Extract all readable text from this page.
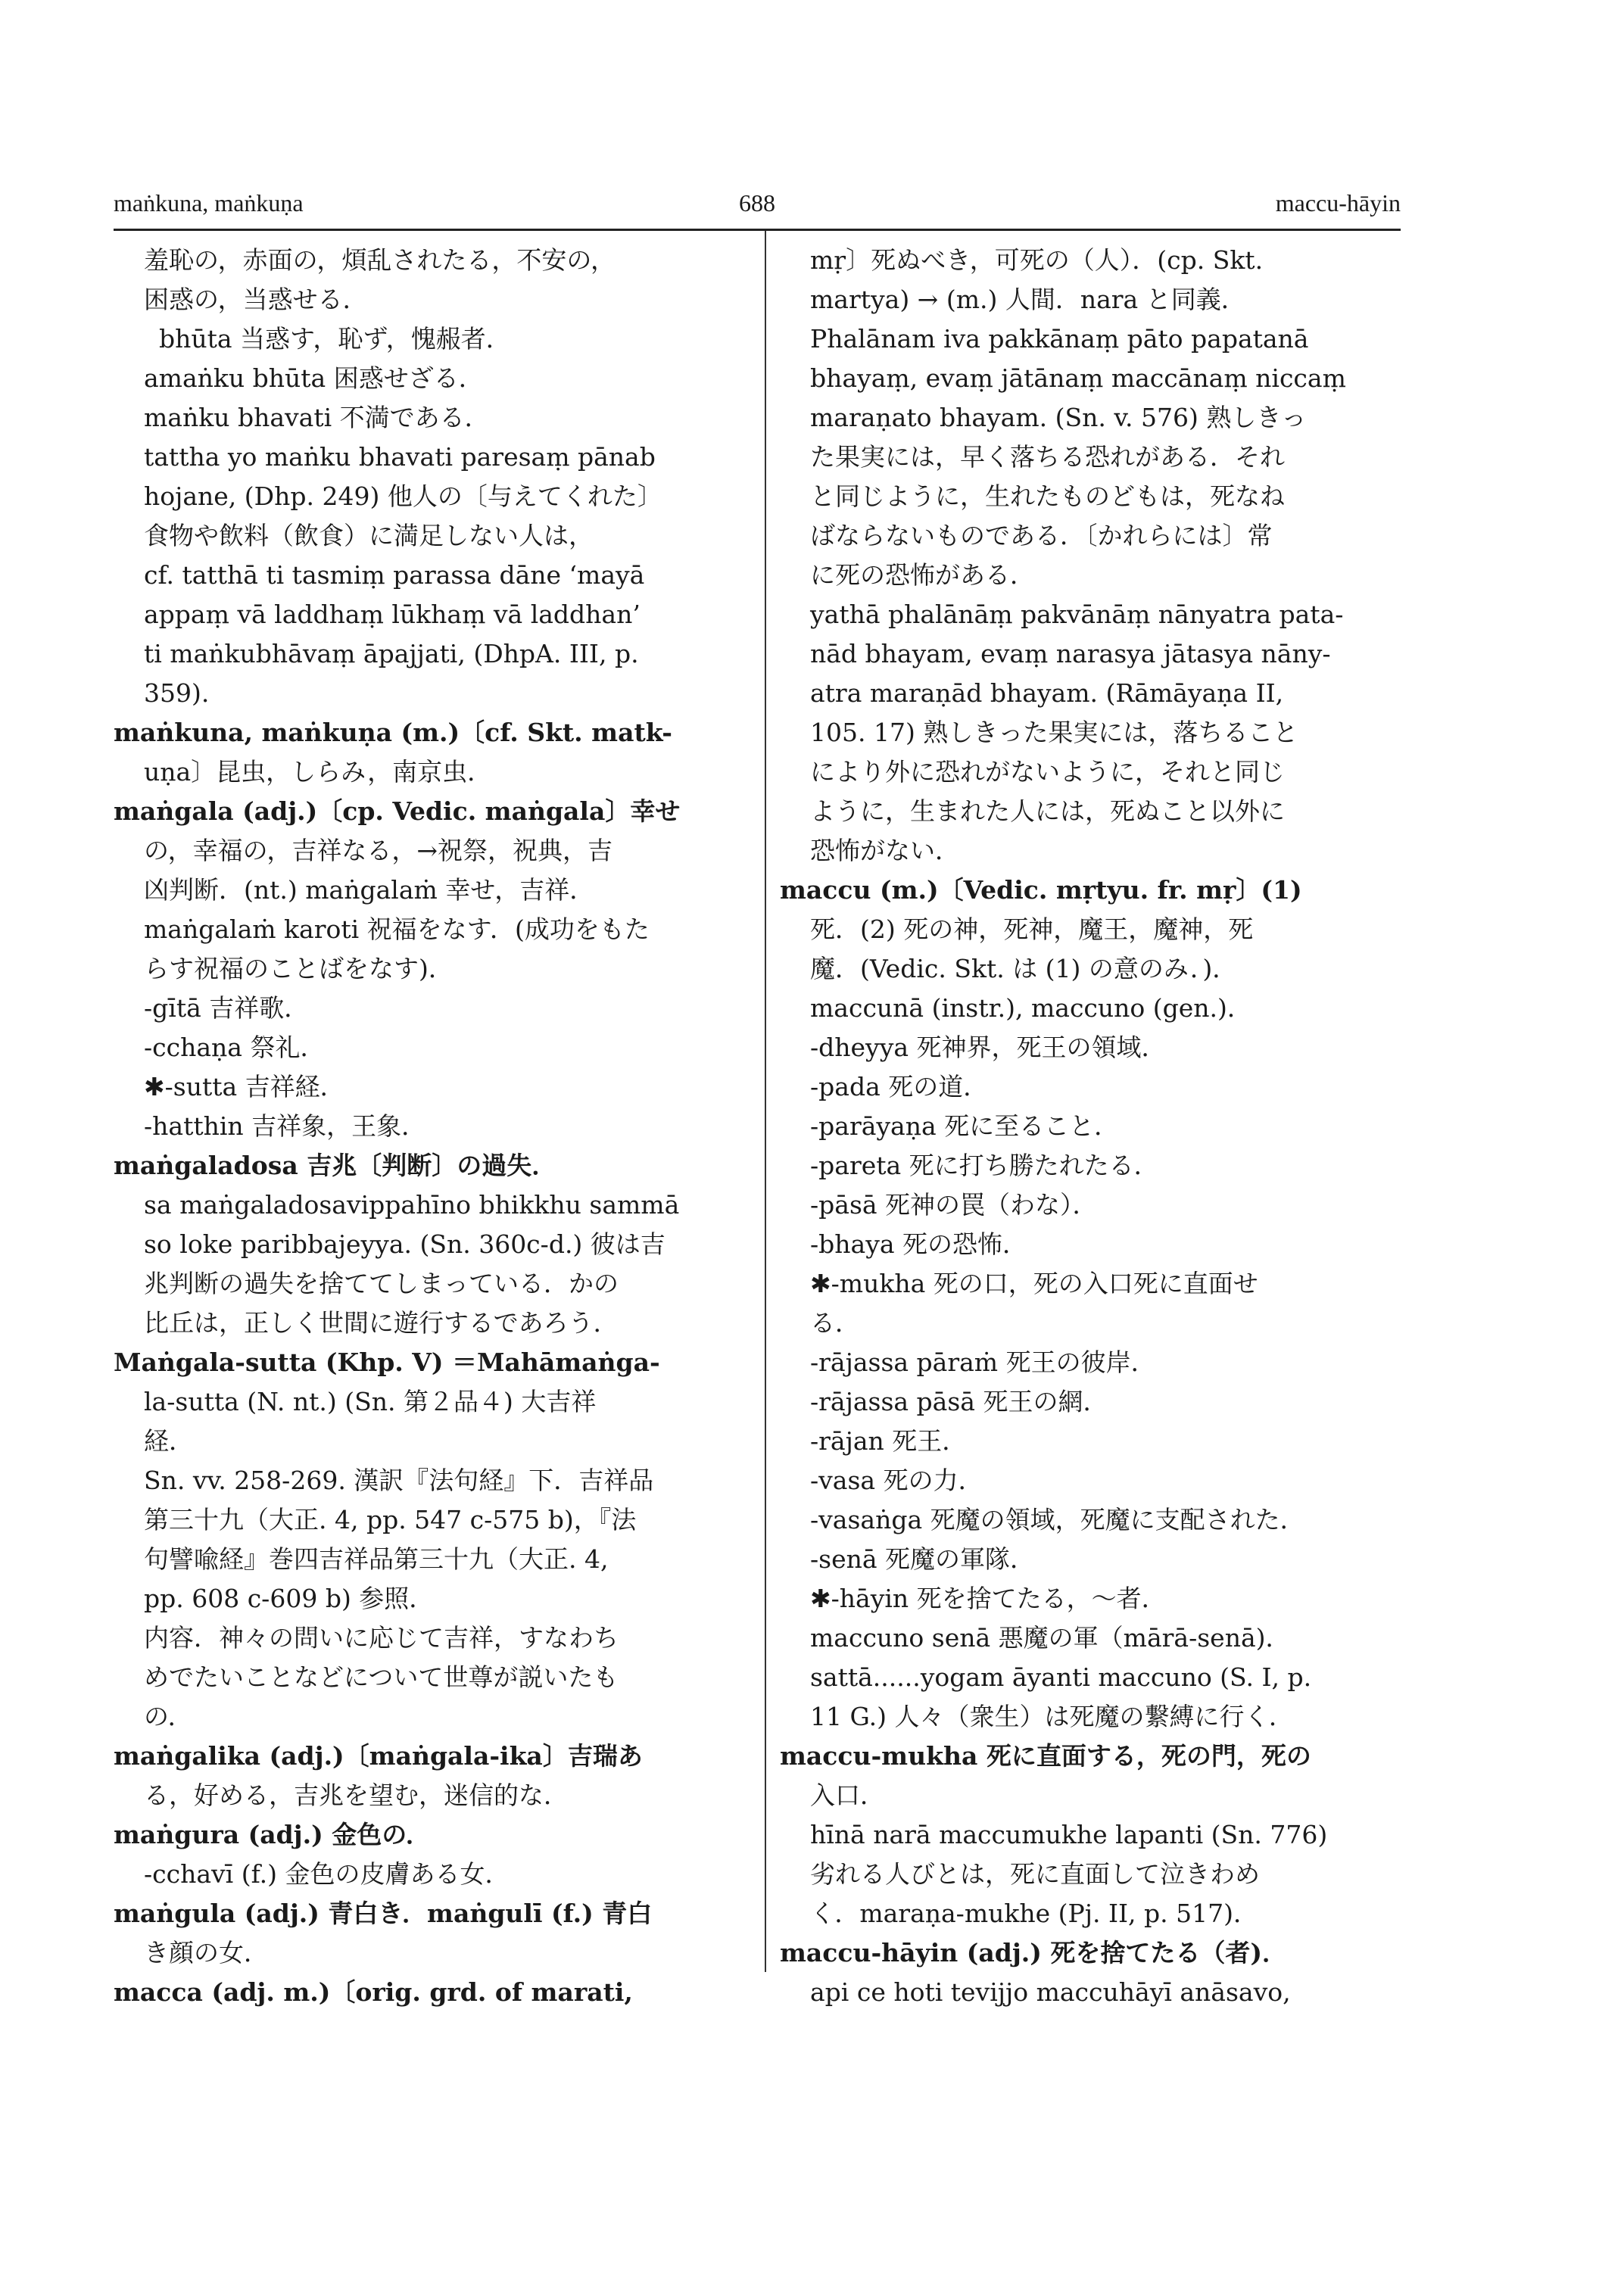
maṅkuna, maṅkuṇa	688	maccu-hāyin
羞恥の，赤面の，煩乱されたる，不安の，
困惑の，当惑せる．
bhūta 当惑す，恥ず，愧赧者．
amaṅku bhūta 困惑せざる．
maṅku bhavati 不満である．
tattha yo maṅku bhavati paresaṃ pānab
hojane, (Dhp. 249) 他人の〔与えてくれた〕
食物や飲料（飲食）に満足しない人は，
cf. tatthā ti tasmiṃ parassa dāne ‘mayā
appaṃ vā laddhaṃ lūkhaṃ vā laddhan’
ti maṅkubhāvaṃ āpajjati, (DhpA. III, p.
359).
maṅkuna, maṅkuṇa (m.)〔cf. Skt. matk-
uṇa〕昆虫，しらみ，南京虫．
maṅgala (adj.)〔cp. Vedic. maṅgala〕幸せ
の，幸福の，吉祥なる，→祝祭，祝典，吉
凶判断．(nt.) maṅgalaṁ 幸せ，吉祥．
maṅgalaṁ karoti 祝福をなす．(成功をもた
らす祝福のことばをなす)．
-gītā 吉祥歌．
-cchaṇa 祭礼．
✱-sutta 吉祥経．
-hatthin 吉祥象，王象．
maṅgaladosa 吉兆〔判断〕の過失．
sa maṅgaladosavippahīno bhikkhu sammā
so loke paribbajeyya. (Sn. 360c-d.) 彼は吉
兆判断の過失を捨ててしまっている．かの
比丘は，正しく世間に遊行するであろう．
Maṅgala-sutta (Khp. V) ＝Mahāmaṅga-
la-sutta (N. nt.) (Sn. 第２品４) 大吉祥
経．
Sn. vv. 258-269. 漢訳『法句経』下．吉祥品
第三十九（大正. 4, pp. 547 c-575 b)，『法
句譬喩経』巻四吉祥品第三十九（大正. 4,
pp. 608 c-609 b) 参照．
内容．神々の問いに応じて吉祥，すなわち
めでたいことなどについて世尊が説いたも
の．
maṅgalika (adj.)〔maṅgala-ika〕吉瑞あ
る，好める，吉兆を望む，迷信的な．
maṅgura (adj.) 金色の．
-cchavī (f.) 金色の皮膚ある女．
maṅgula (adj.) 青白き．maṅgulī (f.) 青白
き顔の女．
macca (adj. m.)〔orig. grd. of marati,
mṛ〕死ぬべき，可死の（人）．(cp. Skt.
martya) → (m.) 人間．nara と同義．
Phalānam iva pakkānaṃ pāto papatanā
bhayaṃ, evaṃ jātānaṃ maccānaṃ niccaṃ
maraṇato bhayam. (Sn. v. 576) 熟しきっ
た果実には，早く落ちる恐れがある．それ
と同じように，生れたものどもは，死なね
ばならないものである．〔かれらには〕常
に死の恐怖がある．
yathā phalānāṃ pakvānāṃ nānyatra pata-
nād bhayam, evaṃ narasya jātasya nāny-
atra maraṇād bhayam. (Rāmāyaṇa II,
105. 17) 熟しきった果実には，落ちること
により外に恐れがないように，それと同じ
ように，生まれた人には，死ぬこと以外に
恐怖がない．
maccu (m.)〔Vedic. mṛtyu. fr. mṛ〕(1)
死．(2) 死の神，死神，魔王，魔神，死
魔．(Vedic. Skt. は (1) の意のみ．)．
maccunā (instr.), maccuno (gen.)．
-dheyya 死神界，死王の領域．
-pada 死の道．
-parāyaṇa 死に至ること．
-pareta 死に打ち勝たれたる．
-pāsā 死神の罠（わな）．
-bhaya 死の恐怖．
✱-mukha 死の口，死の入口死に直面せ
る．
-rājassa pāraṁ 死王の彼岸．
-rājassa pāsā 死王の網．
-rājan 死王．
-vasa 死の力．
-vasaṅga 死魔の領域，死魔に支配された．
-senā 死魔の軍隊．
✱-hāyin 死を捨てたる，～者．
maccuno senā 悪魔の軍（mārā-senā)．
sattā......yogam āyanti maccuno (S. I, p.
11 G.) 人々（衆生）は死魔の繋縛に行く．
maccu-mukha 死に直面する，死の門，死の
入口．
hīnā narā maccumukhe lapanti (Sn. 776)
劣れる人びとは，死に直面して泣きわめ
く．maraṇa-mukhe (Pj. II, p. 517)．
maccu-hāyin (adj.) 死を捨てたる（者)．
api ce hoti tevijjo maccuhāyī anāsavo,
